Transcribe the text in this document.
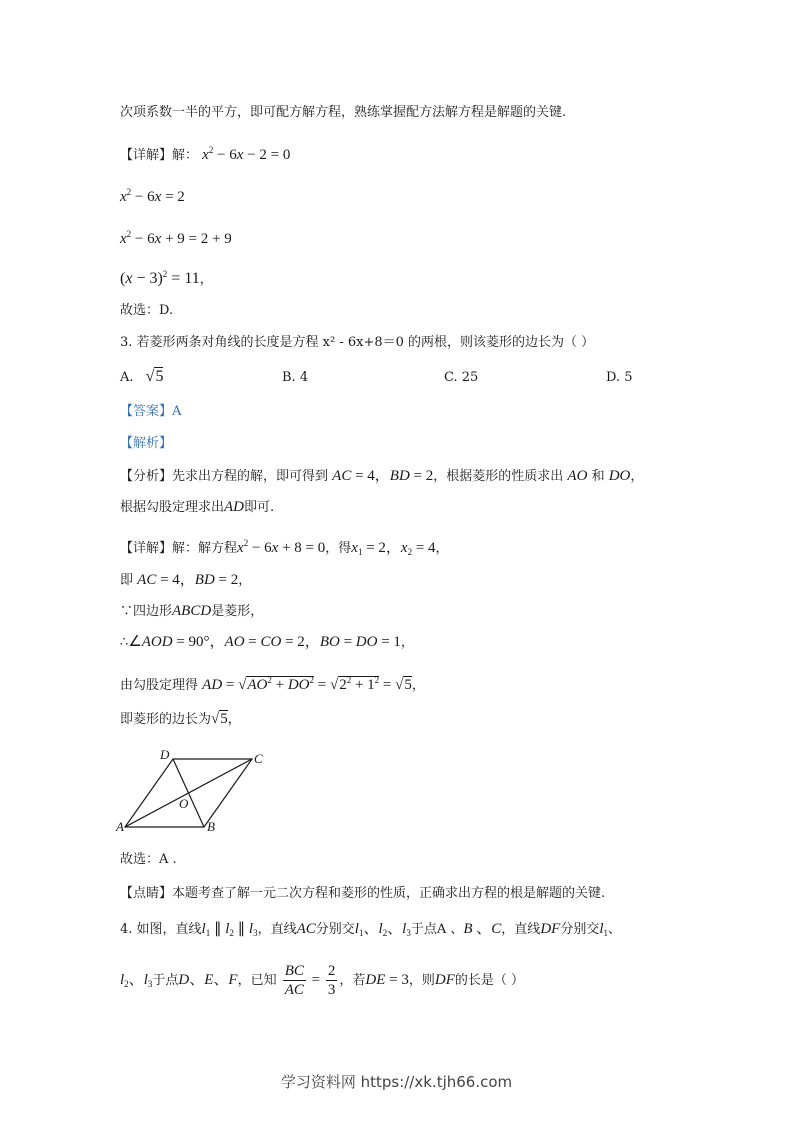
次项系数一半的平方，即可配方解方程，熟练掌握配方法解方程是解题的关键.
【详解】解： $x^2 - 6x - 2 = 0$
$x^2 - 6x = 2$
$x^2 - 6x + 9 = 2 + 9$
$(x - 3)^2 = 11$，
故选：D.
3. 若菱形两条对角线的长度是方程 x² - 6x+8＝0 的两根，则该菱形的边长为（ ）
A. √5	B. 4	C. 25	D. 5
【答案】A
【解析】
【分析】先求出方程的解，即可得到 AC = 4，BD = 2，根据菱形的性质求出 AO 和 DO，
根据勾股定理求出AD即可.
【详解】解：解方程$x^2 - 6x + 8 = 0$，得$x_1 = 2$，$x_2 = 4$，
即 AC = 4，BD = 2，
∵四边形ABCD是菱形，
∴∠AOD = 90°，AO = CO = 2，BO = DO = 1，
由勾股定理得 AD = $√AO^2 + DO^2 = √2^2 + 1^2 = √5$，
即菱形的边长为√5，
D	C
O
A	B
故选：A .
【点睛】本题考查了解一元二次方程和菱形的性质，正确求出方程的根是解题的关键.
4. 如图，直线$l_1$ ∥ $l_2$ ∥ $l_3$，直线AC分别交$l_1$、$l_2$、$l_3$于点A 、B 、C，直线DF分别交$l_1$、
$l_2$、$l_3$于点D、E、F，已知 $\frac{BC}{AC} = \frac{2}{3}$ ，若DE = 3，则DF的长是（ ）
学习资料网 https://xk.tjh66.com
